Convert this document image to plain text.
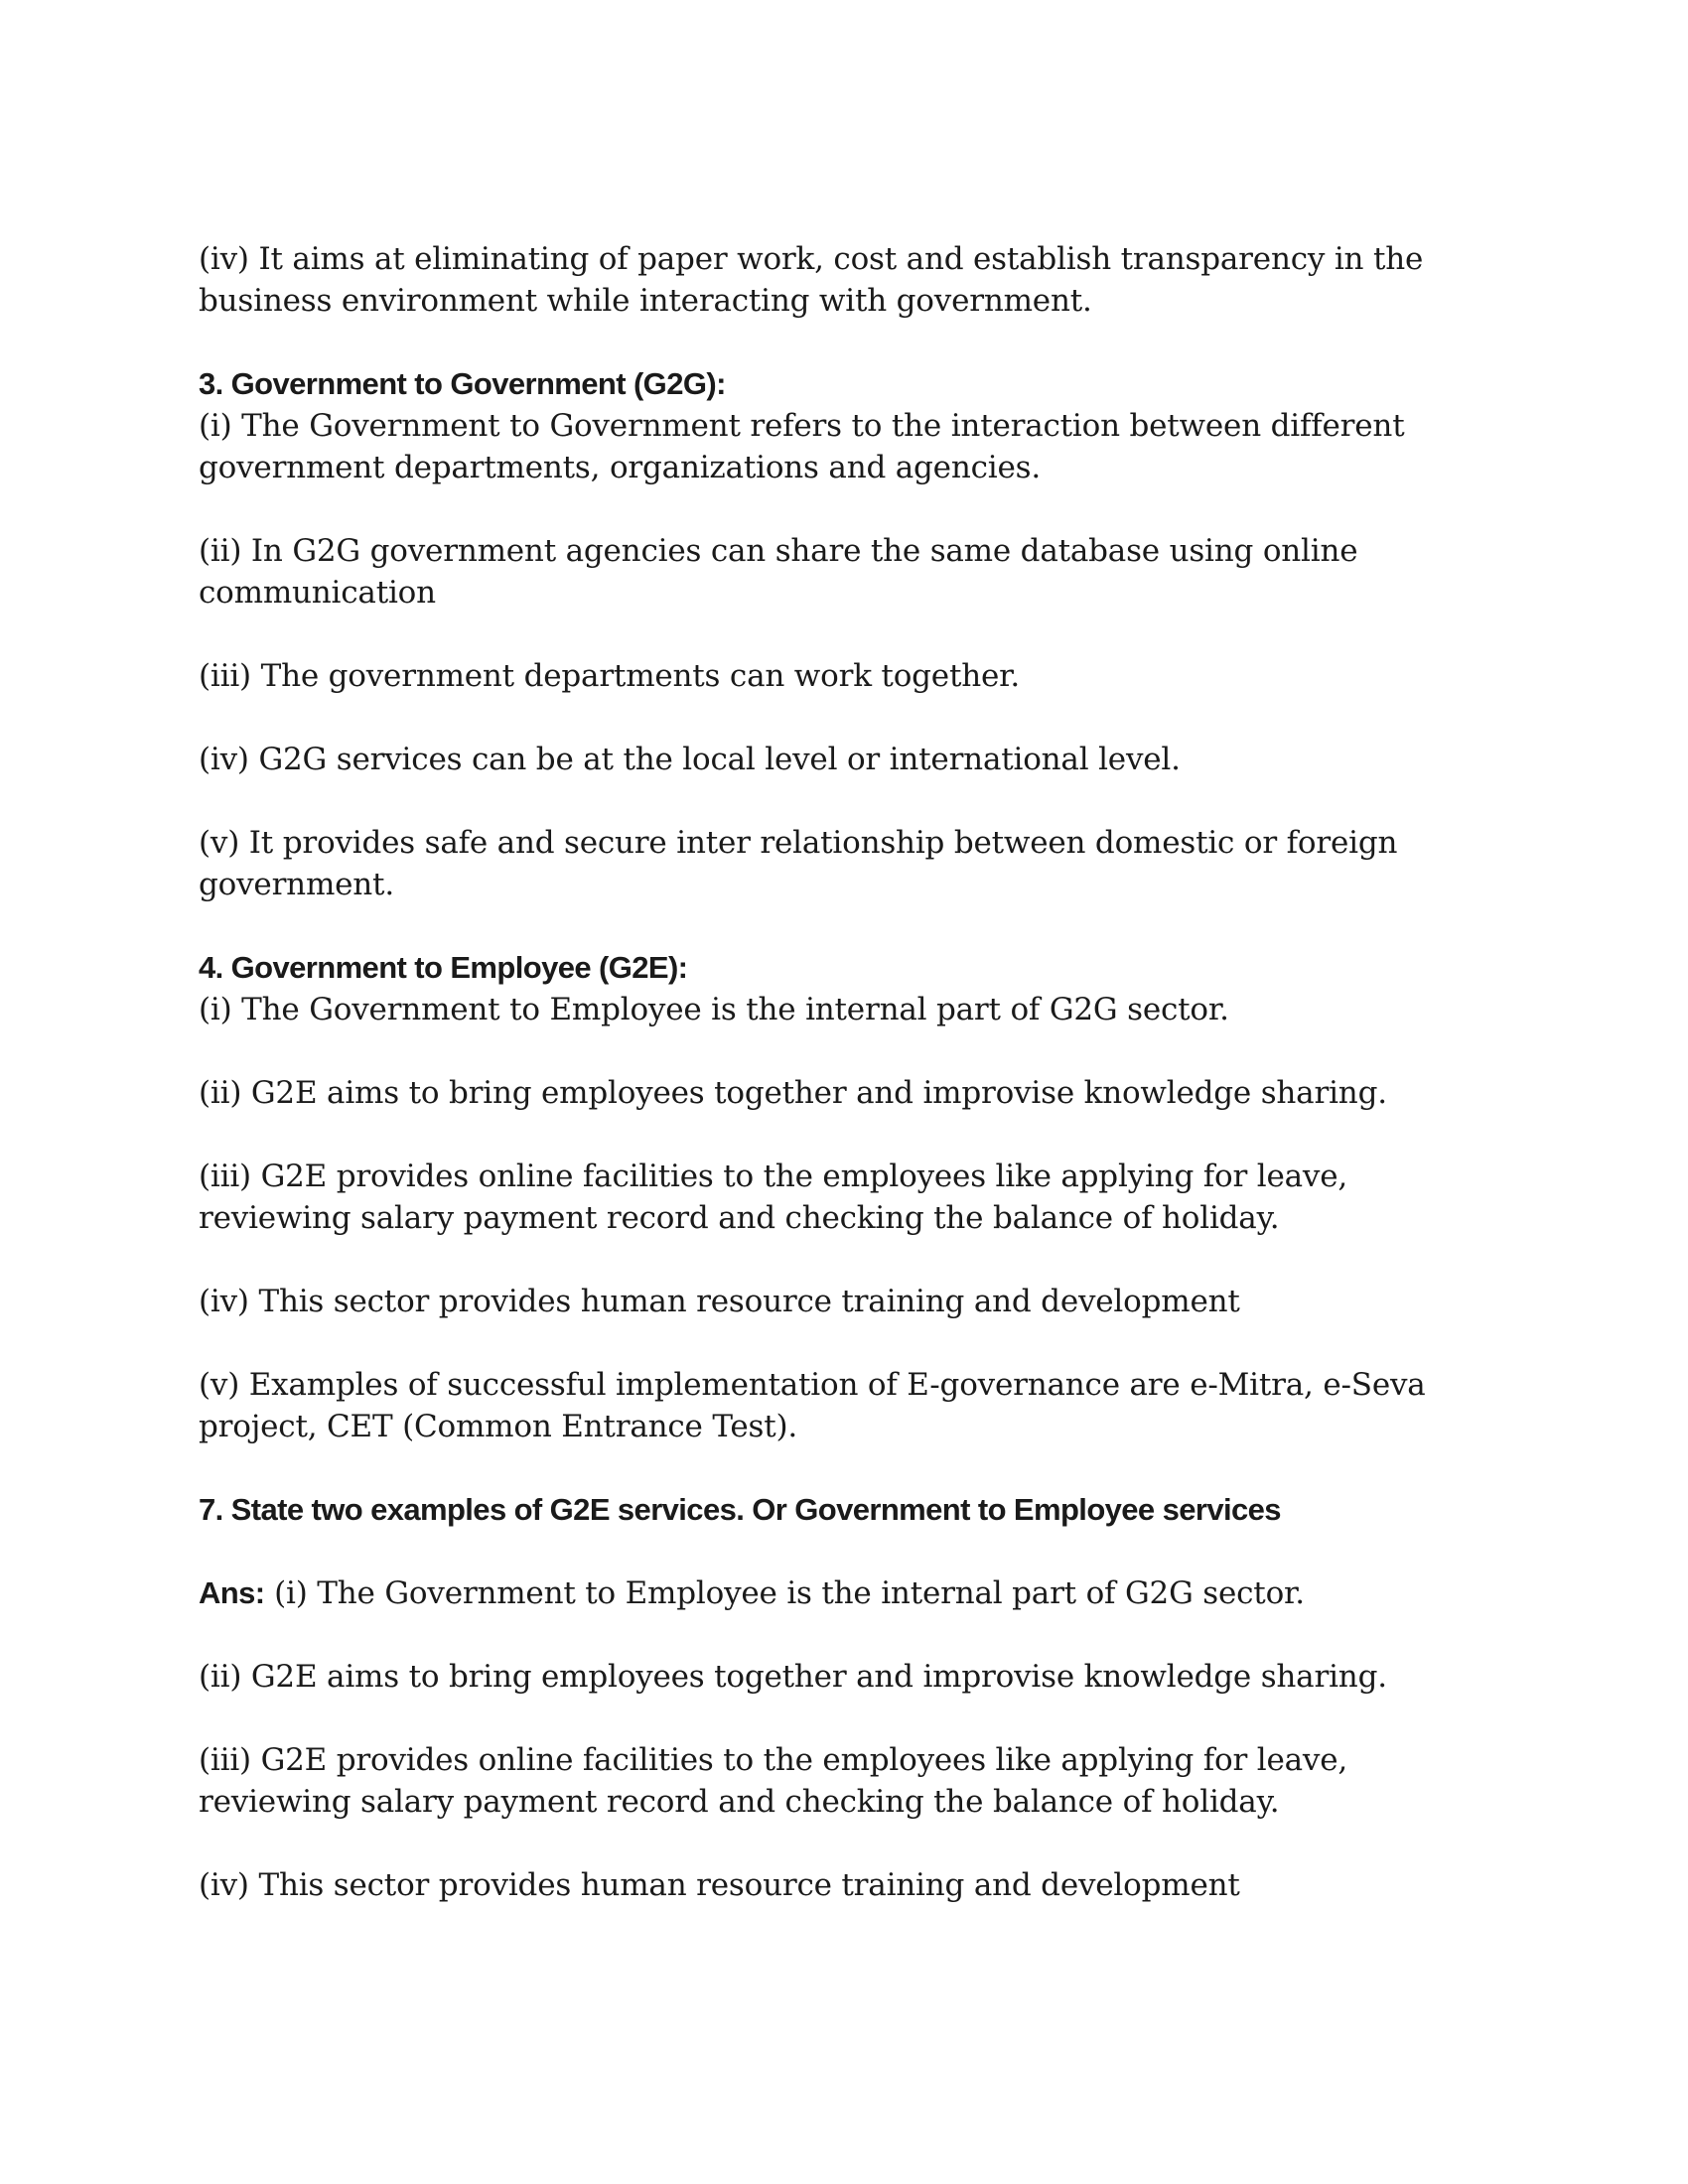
(iv) It aims at eliminating of paper work, cost and establish transparency in the business environment while interacting with government.

3. Government to Government (G2G):

(i) The Government to Government refers to the interaction between different government departments, organizations and agencies.

(ii) In G2G government agencies can share the same database using online communication

(iii) The government departments can work together.

(iv) G2G services can be at the local level or international level.

(v) It provides safe and secure inter relationship between domestic or foreign government.

4. Government to Employee (G2E):

(i) The Government to Employee is the internal part of G2G sector.

(ii) G2E aims to bring employees together and improvise knowledge sharing.

(iii) G2E provides online facilities to the employees like applying for leave, reviewing salary payment record and checking the balance of holiday.

(iv) This sector provides human resource training and development

(v) Examples of successful implementation of E-governance are e-Mitra, e-Seva project, CET (Common Entrance Test).

7. State two examples of G2E services. Or Government to Employee services

Ans: (i) The Government to Employee is the internal part of G2G sector.

(ii) G2E aims to bring employees together and improvise knowledge sharing.

(iii) G2E provides online facilities to the employees like applying for leave, reviewing salary payment record and checking the balance of holiday.

(iv) This sector provides human resource training and development
